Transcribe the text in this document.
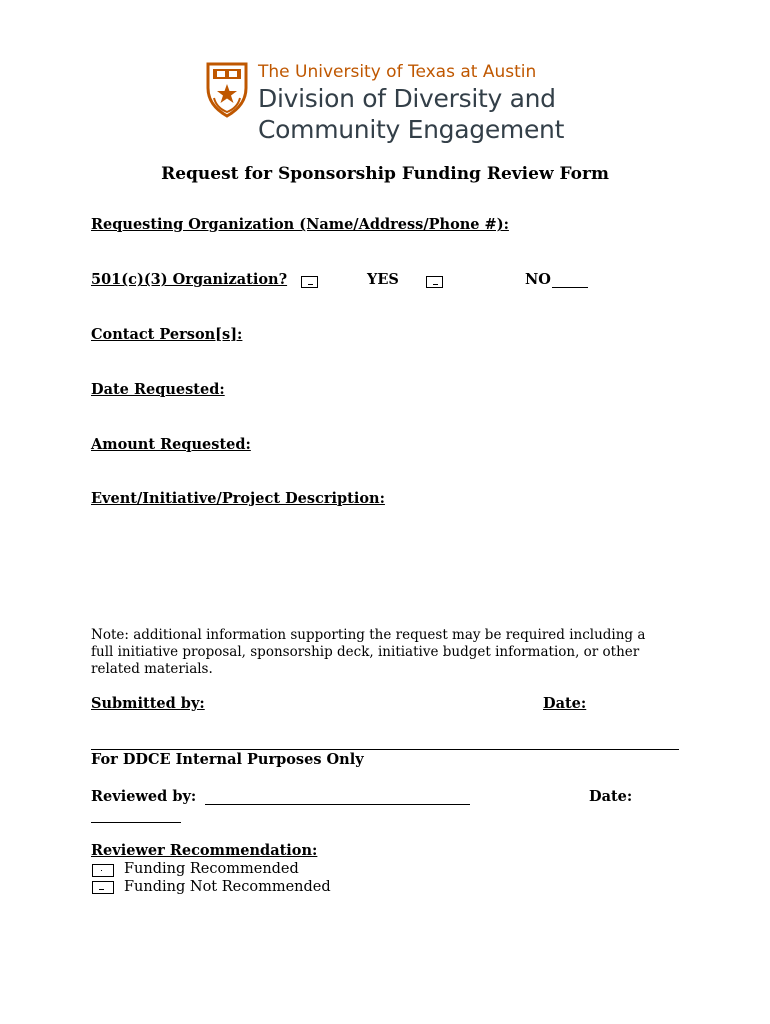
The University of Texas at Austin
Division of Diversity and
Community Engagement
Request for Sponsorship Funding Review Form
Requesting Organization (Name/Address/Phone #):
501(c)(3) Organization?	YES	NO
Contact Person[s]:
Date Requested:
Amount Requested:
Event/Initiative/Project Description:
Note: additional information supporting the request may be required including a
full initiative proposal, sponsorship deck, initiative budget information, or other
related materials.
Submitted by:	Date:
For DDCE Internal Purposes Only
Reviewed by:	Date:
Reviewer Recommendation:
Funding Recommended
Funding Not Recommended
